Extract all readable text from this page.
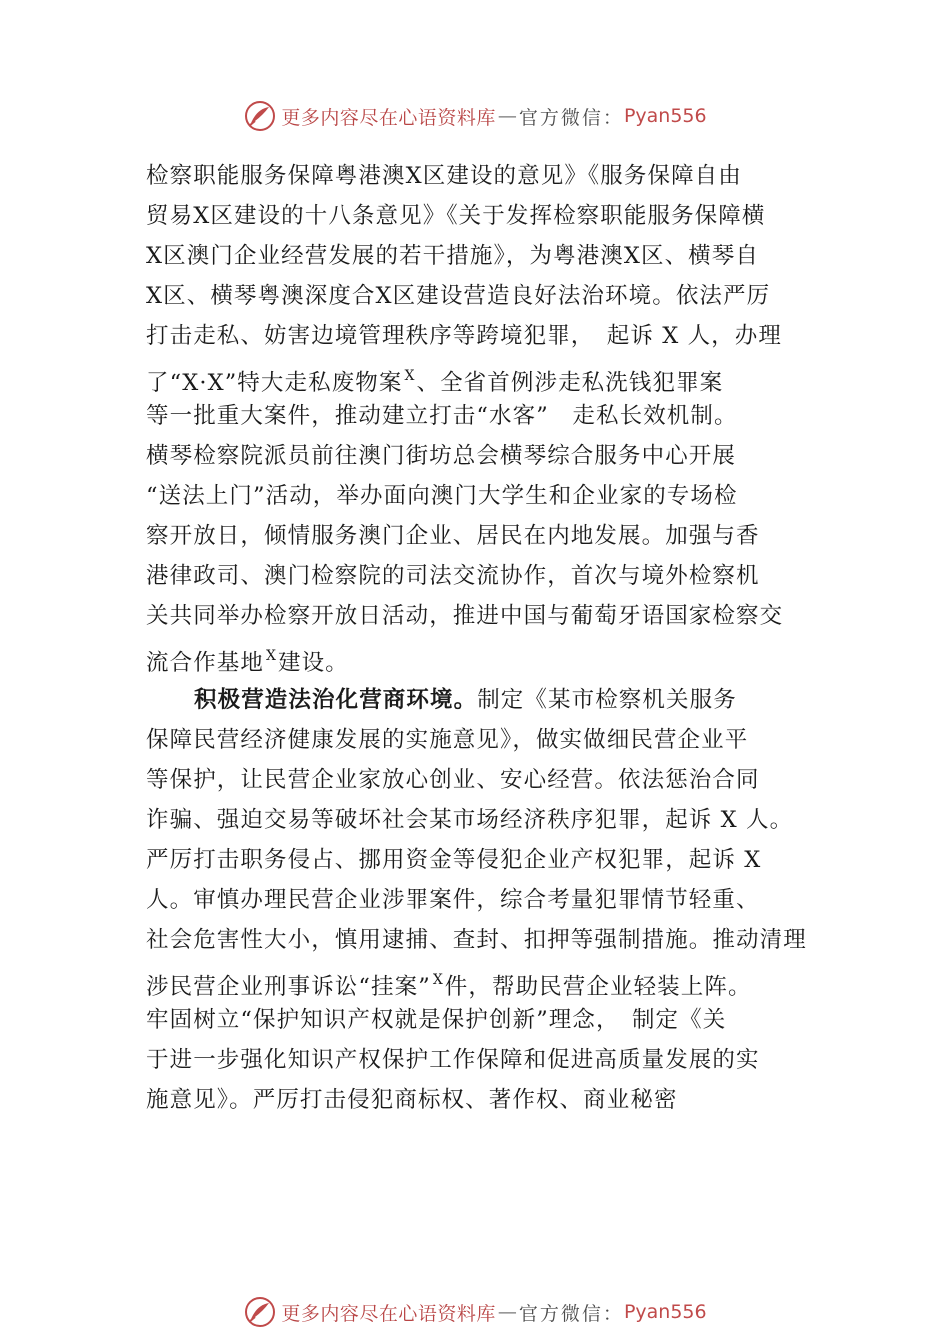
更多内容尽在心语资料库 — 官方微信： Pyan556
检察职能服务保障粤港澳X区建设的意见》《服务保障自由
贸易X区建设的十八条意见》《关于发挥检察职能服务保障横
X区澳门企业经营发展的若干措施》，为粤港澳X区、横琴自
X区、横琴粤澳深度合X区建设营造良好法治环境。依法严厉
打击走私、妨害边境管理秩序等跨境犯罪，　起诉 X 人，办理
了“X·X”特大走私废物案 $^X$、全省首例涉走私洗钱犯罪案
等一批重大案件，推动建立打击“水客”　走私长效机制。
横琴检察院派员前往澳门街坊总会横琴综合服务中心开展
“送法上门”活动，举办面向澳门大学生和企业家的专场检
察开放日，倾情服务澳门企业、居民在内地发展。加强与香
港律政司、澳门检察院的司法交流协作，首次与境外检察机
关共同举办检察开放日活动，推进中国与葡萄牙语国家检察交
流合作基地 $^X$建设。
积极营造法治化营商环境。制定《某市检察机关服务
保障民营经济健康发展的实施意见》，做实做细民营企业平
等保护，让民营企业家放心创业、安心经营。依法惩治合同
诈骗、强迫交易等破坏社会某市场经济秩序犯罪，起诉 X 人。
严厉打击职务侵占、挪用资金等侵犯企业产权犯罪，起诉 X
人。审慎办理民营企业涉罪案件，综合考量犯罪情节轻重、
社会危害性大小，慎用逮捕、查封、扣押等强制措施。推动清理
涉民营企业刑事诉讼“挂案” $^X$件，帮助民营企业轻装上阵。
牢固树立“保护知识产权就是保护创新”理念，　制定《关
于进一步强化知识产权保护工作保障和促进高质量发展的实
施意见》。严厉打击侵犯商标权、著作权、商业秘密
更多内容尽在心语资料库 — 官方微信： Pyan556
